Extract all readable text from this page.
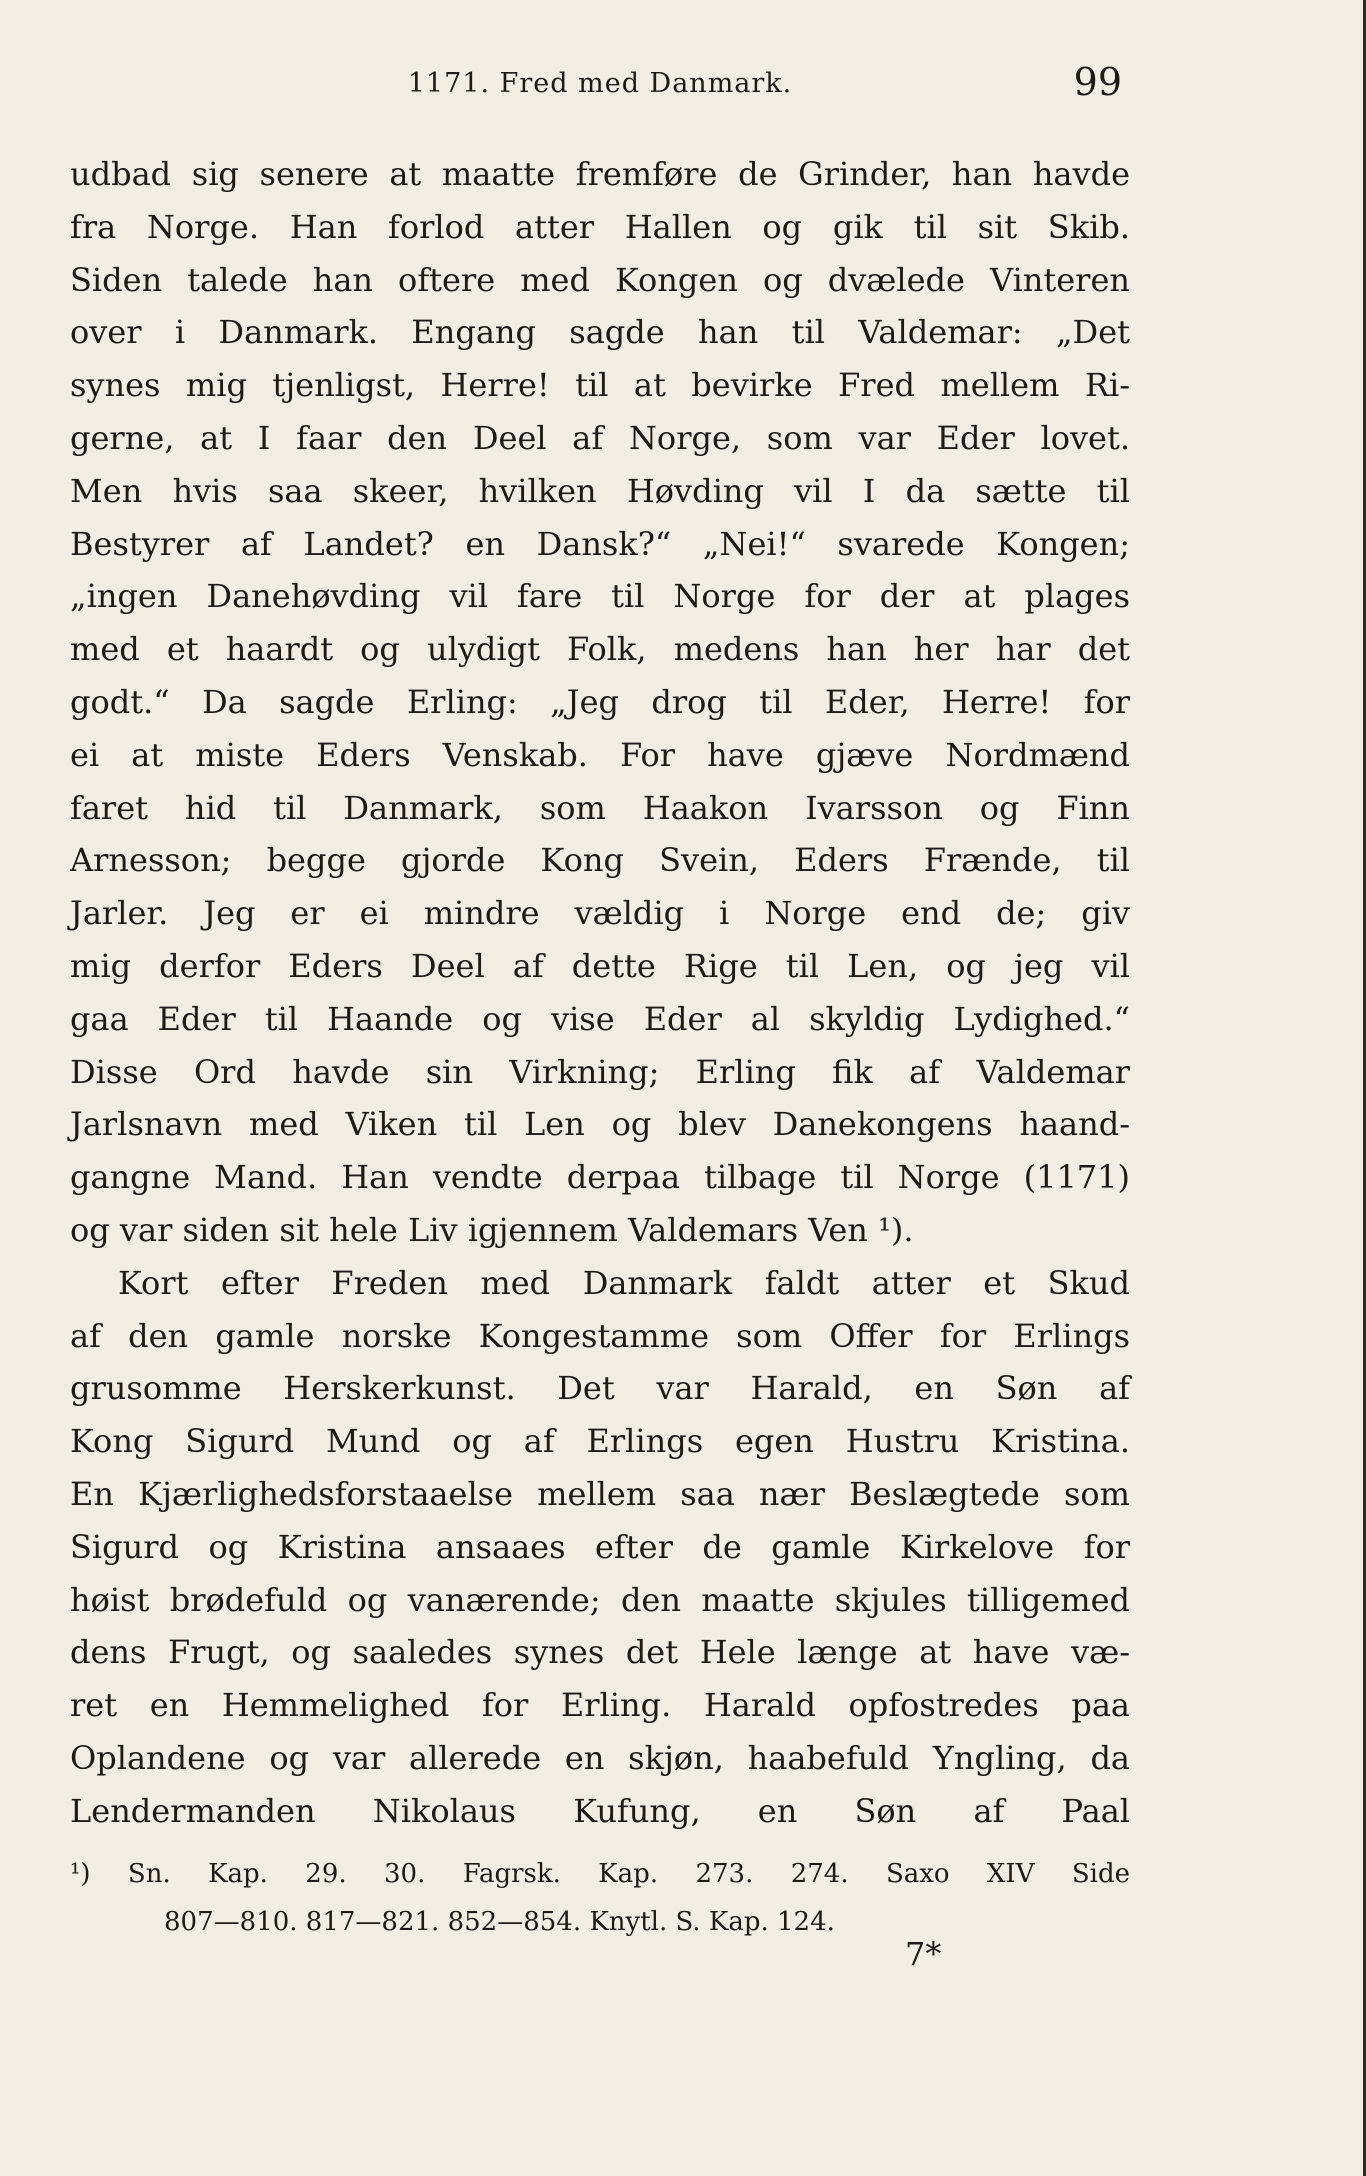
1171. Fred med Danmark.	99
udbad sig senere at maatte fremføre de Grinder, han havde
fra Norge. Han forlod atter Hallen og gik til sit Skib.
Siden talede han oftere med Kongen og dvælede Vinteren
over i Danmark. Engang sagde han til Valdemar: „Det
synes mig tjenligst, Herre! til at bevirke Fred mellem Ri-
gerne, at I faar den Deel af Norge, som var Eder lovet.
Men hvis saa skeer, hvilken Høvding vil I da sætte til
Bestyrer af Landet? en Dansk?“ „Nei!“ svarede Kongen;
„ingen Danehøvding vil fare til Norge for der at plages
med et haardt og ulydigt Folk, medens han her har det
godt.“ Da sagde Erling: „Jeg drog til Eder, Herre! for
ei at miste Eders Venskab. For have gjæve Nordmænd
faret hid til Danmark, som Haakon Ivarsson og Finn
Arnesson; begge gjorde Kong Svein, Eders Frænde, til
Jarler. Jeg er ei mindre vældig i Norge end de; giv
mig derfor Eders Deel af dette Rige til Len, og jeg vil
gaa Eder til Haande og vise Eder al skyldig Lydighed.“
Disse Ord havde sin Virkning; Erling fik af Valdemar
Jarlsnavn med Viken til Len og blev Danekongens haand-
gangne Mand. Han vendte derpaa tilbage til Norge (1171)
og var siden sit hele Liv igjennem Valdemars Ven ¹).
Kort efter Freden med Danmark faldt atter et Skud
af den gamle norske Kongestamme som Offer for Erlings
grusomme Herskerkunst. Det var Harald, en Søn af
Kong Sigurd Mund og af Erlings egen Hustru Kristina.
En Kjærlighedsforstaaelse mellem saa nær Beslægtede som
Sigurd og Kristina ansaaes efter de gamle Kirkelove for
høist brødefuld og vanærende; den maatte skjules tilligemed
dens Frugt, og saaledes synes det Hele længe at have væ-
ret en Hemmelighed for Erling. Harald opfostredes paa
Oplandene og var allerede en skjøn, haabefuld Yngling, da
Lendermanden Nikolaus Kufung, en Søn af Paal
¹) Sn. Kap. 29. 30. Fagrsk. Kap. 273. 274. Saxo XIV Side
807—810. 817—821. 852—854. Knytl. S. Kap. 124.
7*
